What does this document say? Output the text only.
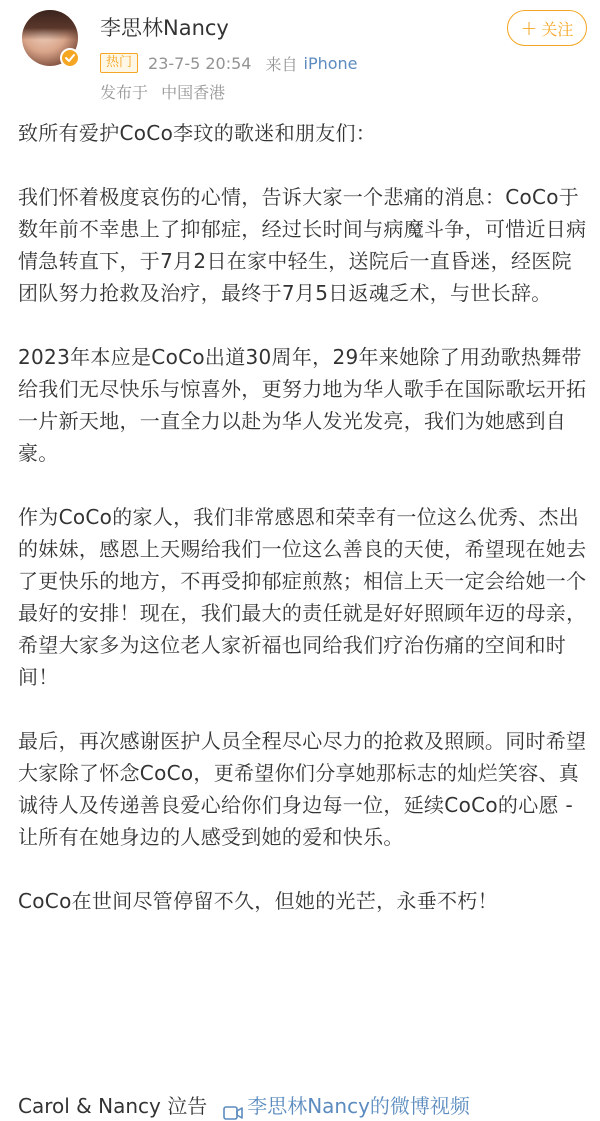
李思林Nancy
热门	23-7-5 20:54 来自 iPhone
发布于 中国香港
+ 关注

致所有爱护CoCo李玟的歌迷和朋友们：

我们怀着极度哀伤的心情，告诉大家一个悲痛的消息：CoCo于数年前不幸患上了抑郁症，经过长时间与病魔斗争，可惜近日病情急转直下，于7月2日在家中轻生，送院后一直昏迷，经医院团队努力抢救及治疗，最终于7月5日返魂乏术，与世长辞。

2023年本应是CoCo出道30周年，29年来她除了用劲歌热舞带给我们无尽快乐与惊喜外，更努力地为华人歌手在国际歌坛开拓一片新天地，一直全力以赴为华人发光发亮，我们为她感到自豪。

作为CoCo的家人，我们非常感恩和荣幸有一位这么优秀、杰出的妹妹，感恩上天赐给我们一位这么善良的天使，希望现在她去了更快乐的地方，不再受抑郁症煎熬；相信上天一定会给她一个最好的安排！现在，我们最大的责任就是好好照顾年迈的母亲，希望大家多为这位老人家祈福也同给我们疗治伤痛的空间和时间！

最后，再次感谢医护人员全程尽心尽力的抢救及照顾。同时希望大家除了怀念CoCo，更希望你们分享她那标志的灿烂笑容、真诚待人及传递善良爱心给你们身边每一位，延续CoCo的心愿 - 让所有在她身边的人感受到她的爱和快乐。

CoCo在世间尽管停留不久，但她的光芒，永垂不朽！

Carol & Nancy 泣告 李思林Nancy的微博视频
